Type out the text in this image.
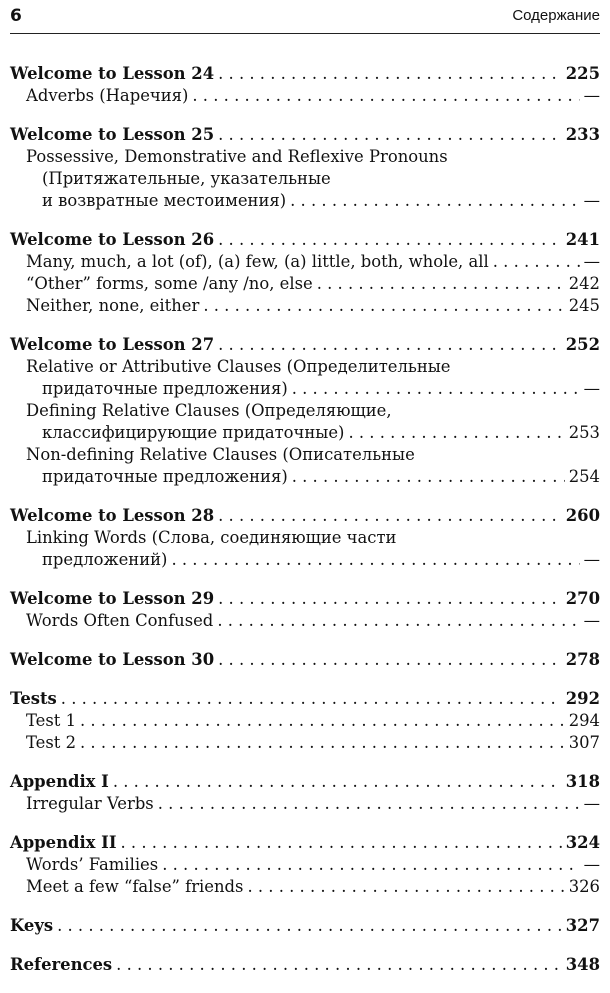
6	Содержание
Welcome to Lesson 24 . . .	225
Adverbs (Наречия) . . .	—
Welcome to Lesson 25 . . .	233
Possessive, Demonstrative and Reflexive Pronouns
(Притяжательные, указательные
и возвратные местоимения) . . .	—
Welcome to Lesson 26 . . .	241
Many, much, a lot (of), (a) few, (a) little, both, whole, all . . .	—
“Other” forms, some /any /no, else . . .	242
Neither, none, either . . .	245
Welcome to Lesson 27 . . .	252
Relative or Attributive Clauses (Определительные
придаточные предложения) . . .	—
Defining Relative Clauses (Определяющие,
классифицирующие придаточные) . . .	253
Non-defining Relative Clauses (Описательные
придаточные предложения) . . .	254
Welcome to Lesson 28 . . .	260
Linking Words (Слова, соединяющие части
предложений) . . .	—
Welcome to Lesson 29 . . .	270
Words Often Confused . . .	—
Welcome to Lesson 30 . . .	278
Tests . . .	292
Test 1 . . .	294
Test 2 . . .	307
Appendix I . . .	318
Irregular Verbs . . .	—
Appendix II . . .	324
Words’ Families . . .	—
Meet a few “false” friends . . .	326
Keys . . .	327
References . . .	348
